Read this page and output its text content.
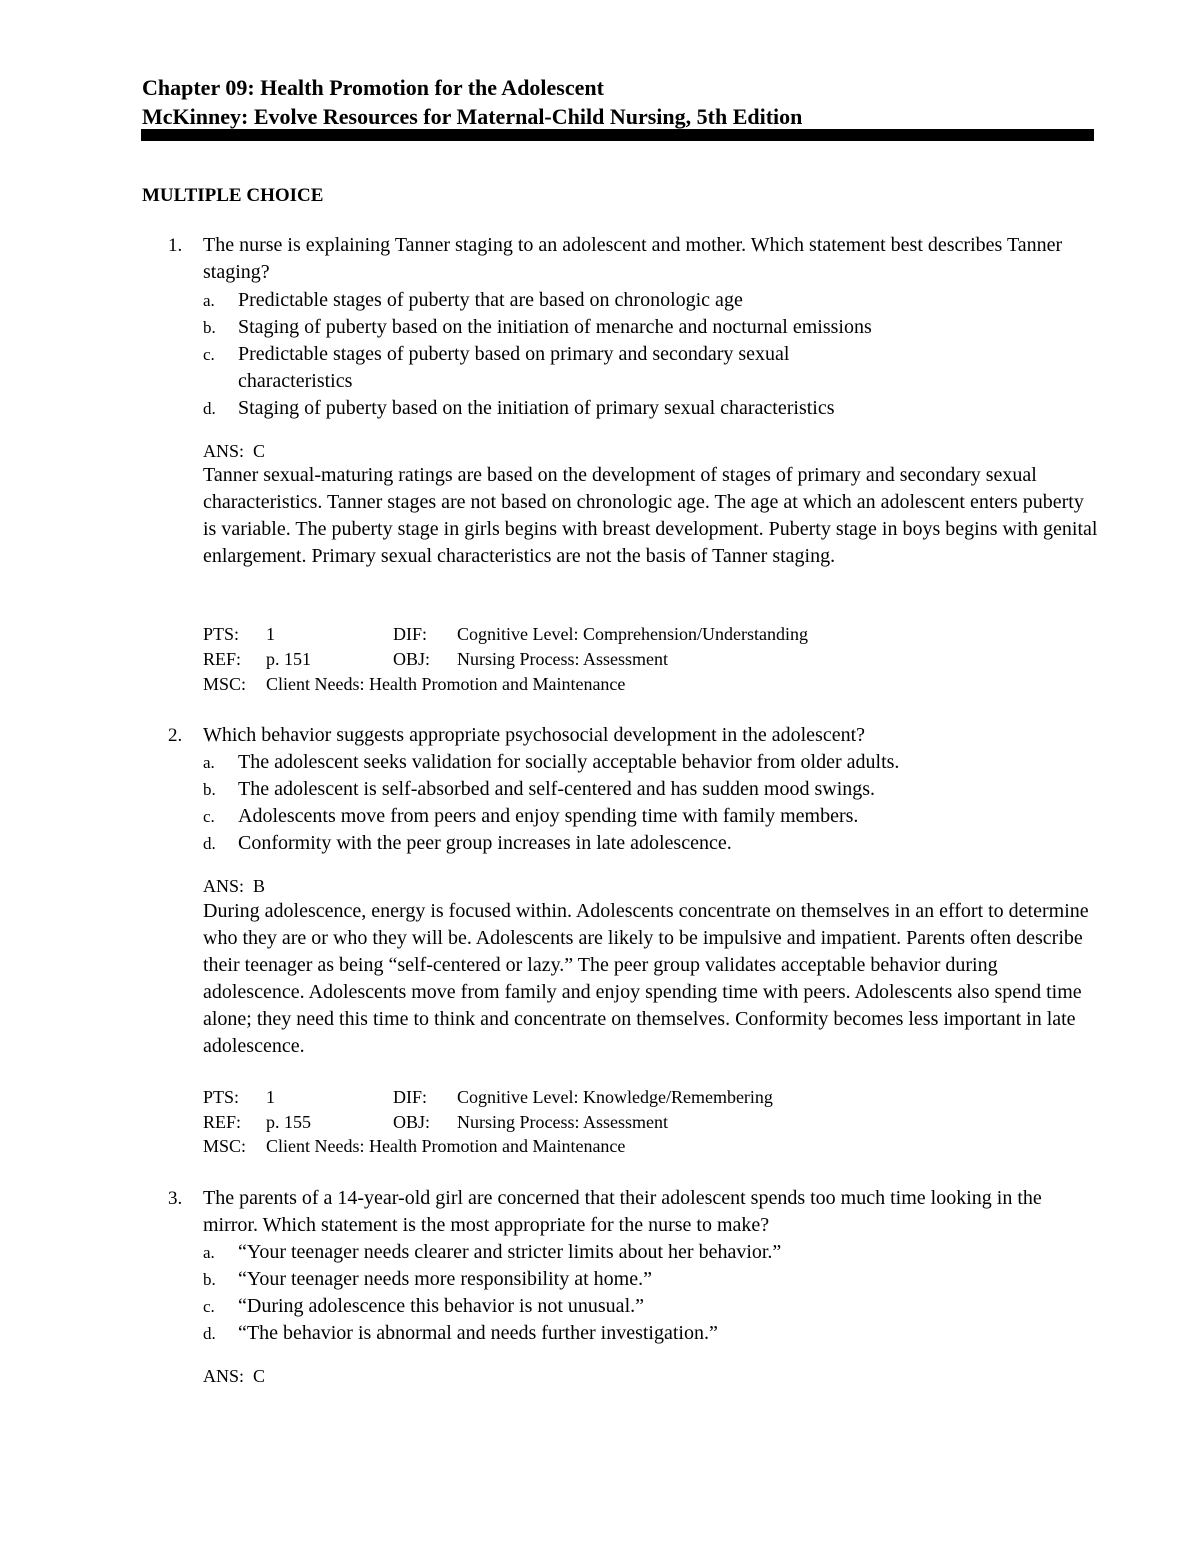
Chapter 09: Health Promotion for the Adolescent
McKinney: Evolve Resources for Maternal-Child Nursing, 5th Edition
MULTIPLE CHOICE
1. The nurse is explaining Tanner staging to an adolescent and mother. Which statement best describes Tanner staging?
a. Predictable stages of puberty that are based on chronologic age
b. Staging of puberty based on the initiation of menarche and nocturnal emissions
c. Predictable stages of puberty based on primary and secondary sexual characteristics
d. Staging of puberty based on the initiation of primary sexual characteristics
ANS:  C
Tanner sexual-maturing ratings are based on the development of stages of primary and secondary sexual characteristics. Tanner stages are not based on chronologic age. The age at which an adolescent enters puberty is variable. The puberty stage in girls begins with breast development. Puberty stage in boys begins with genital enlargement. Primary sexual characteristics are not the basis of Tanner staging.
PTS: 1	DIF: Cognitive Level: Comprehension/Understanding
REF: p. 151	OBJ: Nursing Process: Assessment
MSC: Client Needs: Health Promotion and Maintenance
2. Which behavior suggests appropriate psychosocial development in the adolescent?
a. The adolescent seeks validation for socially acceptable behavior from older adults.
b. The adolescent is self-absorbed and self-centered and has sudden mood swings.
c. Adolescents move from peers and enjoy spending time with family members.
d. Conformity with the peer group increases in late adolescence.
ANS:  B
During adolescence, energy is focused within. Adolescents concentrate on themselves in an effort to determine who they are or who they will be. Adolescents are likely to be impulsive and impatient. Parents often describe their teenager as being “self-centered or lazy.” The peer group validates acceptable behavior during adolescence. Adolescents move from family and enjoy spending time with peers. Adolescents also spend time alone; they need this time to think and concentrate on themselves. Conformity becomes less important in late adolescence.
PTS: 1	DIF: Cognitive Level: Knowledge/Remembering
REF: p. 155	OBJ: Nursing Process: Assessment
MSC: Client Needs: Health Promotion and Maintenance
3. The parents of a 14-year-old girl are concerned that their adolescent spends too much time looking in the mirror. Which statement is the most appropriate for the nurse to make?
a. “Your teenager needs clearer and stricter limits about her behavior.”
b. “Your teenager needs more responsibility at home.”
c. “During adolescence this behavior is not unusual.”
d. “The behavior is abnormal and needs further investigation.”
ANS:  C
